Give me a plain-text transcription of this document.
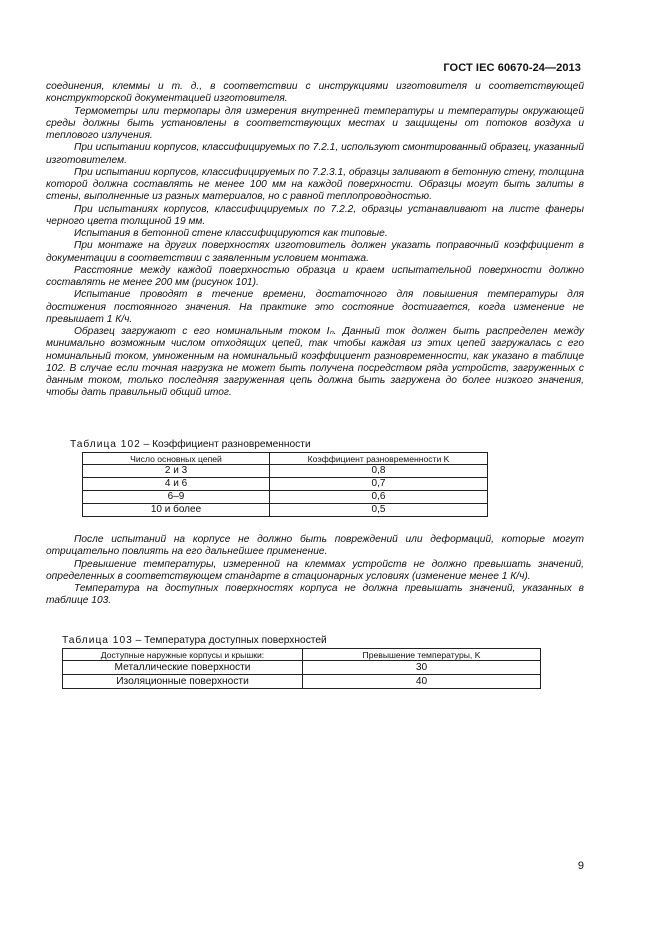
ГОСТ IEC 60670-24—2013

соединения, клеммы и т. д., в соответствии с инструкциями изготовителя и соответствующей конструкторской документацией изготовителя.

Термометры или термопары для измерения внутренней температуры и температуры окружающей среды должны быть установлены в соответствующих местах и защищены от потоков воздуха и теплового излучения.

При испытании корпусов, классифицируемых по 7.2.1, используют смонтированный образец, указанный изготовителем.

При испытании корпусов, классифицируемых по 7.2.3.1, образцы заливают в бетонную стену, толщина которой должна составлять не менее 100 мм на каждой поверхности. Образцы могут быть залиты в стены, выполненные из разных материалов, но с равной теплопроводностью.

При испытаниях корпусов, классифицируемых по 7.2.2, образцы устанавливают на листе фанеры черного цвета толщиной 19 мм.

Испытания в бетонной стене классифицируются как типовые.

При монтаже на других поверхностях изготовитель должен указать поправочный коэффициент в документации в соответствии с заявленным условием монтажа.

Расстояние между каждой поверхностью образца и краем испытательной поверхности должно составлять не менее 200 мм (рисунок 101).

Испытание проводят в течение времени, достаточного для повышения температуры для достижения постоянного значения. На практике это состояние достигается, когда изменение не превышает 1 К/ч.

Образец загружают с его номинальным током Iₙ. Данный ток должен быть распределен между минимально возможным числом отходящих цепей, так чтобы каждая из этих цепей загружалась с его номинальный током, умноженным на номинальный коэффициент разновременности, как указано в таблице 102. В случае если точная нагрузка не может быть получена посредством ряда устройств, загруженных с данным током, только последняя загруженная цепь должна быть загружена до более низкого значения, чтобы дать правильный общий итог.

Таблица 102 – Коэффициент разновременности
Число основных цепей	Коэффициент разновременности K
2 и 3	0,8
4 и 6	0,7
6–9	0,6
10 и более	0,5

После испытаний на корпусе не должно быть повреждений или деформаций, которые могут отрицательно повлиять на его дальнейшее применение.

Превышение температуры, измеренной на клеммах устройств не должно превышать значений, определенных в соответствующем стандарте в стационарных условиях (изменение менее 1 К/ч).

Температура на доступных поверхностях корпуса не должна превышать значений, указанных в таблице 103.

Таблица 103 – Температура доступных поверхностей
Доступные наружные корпусы и крышки:	Превышение температуры, K
Металлические поверхности	30
Изоляционные поверхности	40
9
